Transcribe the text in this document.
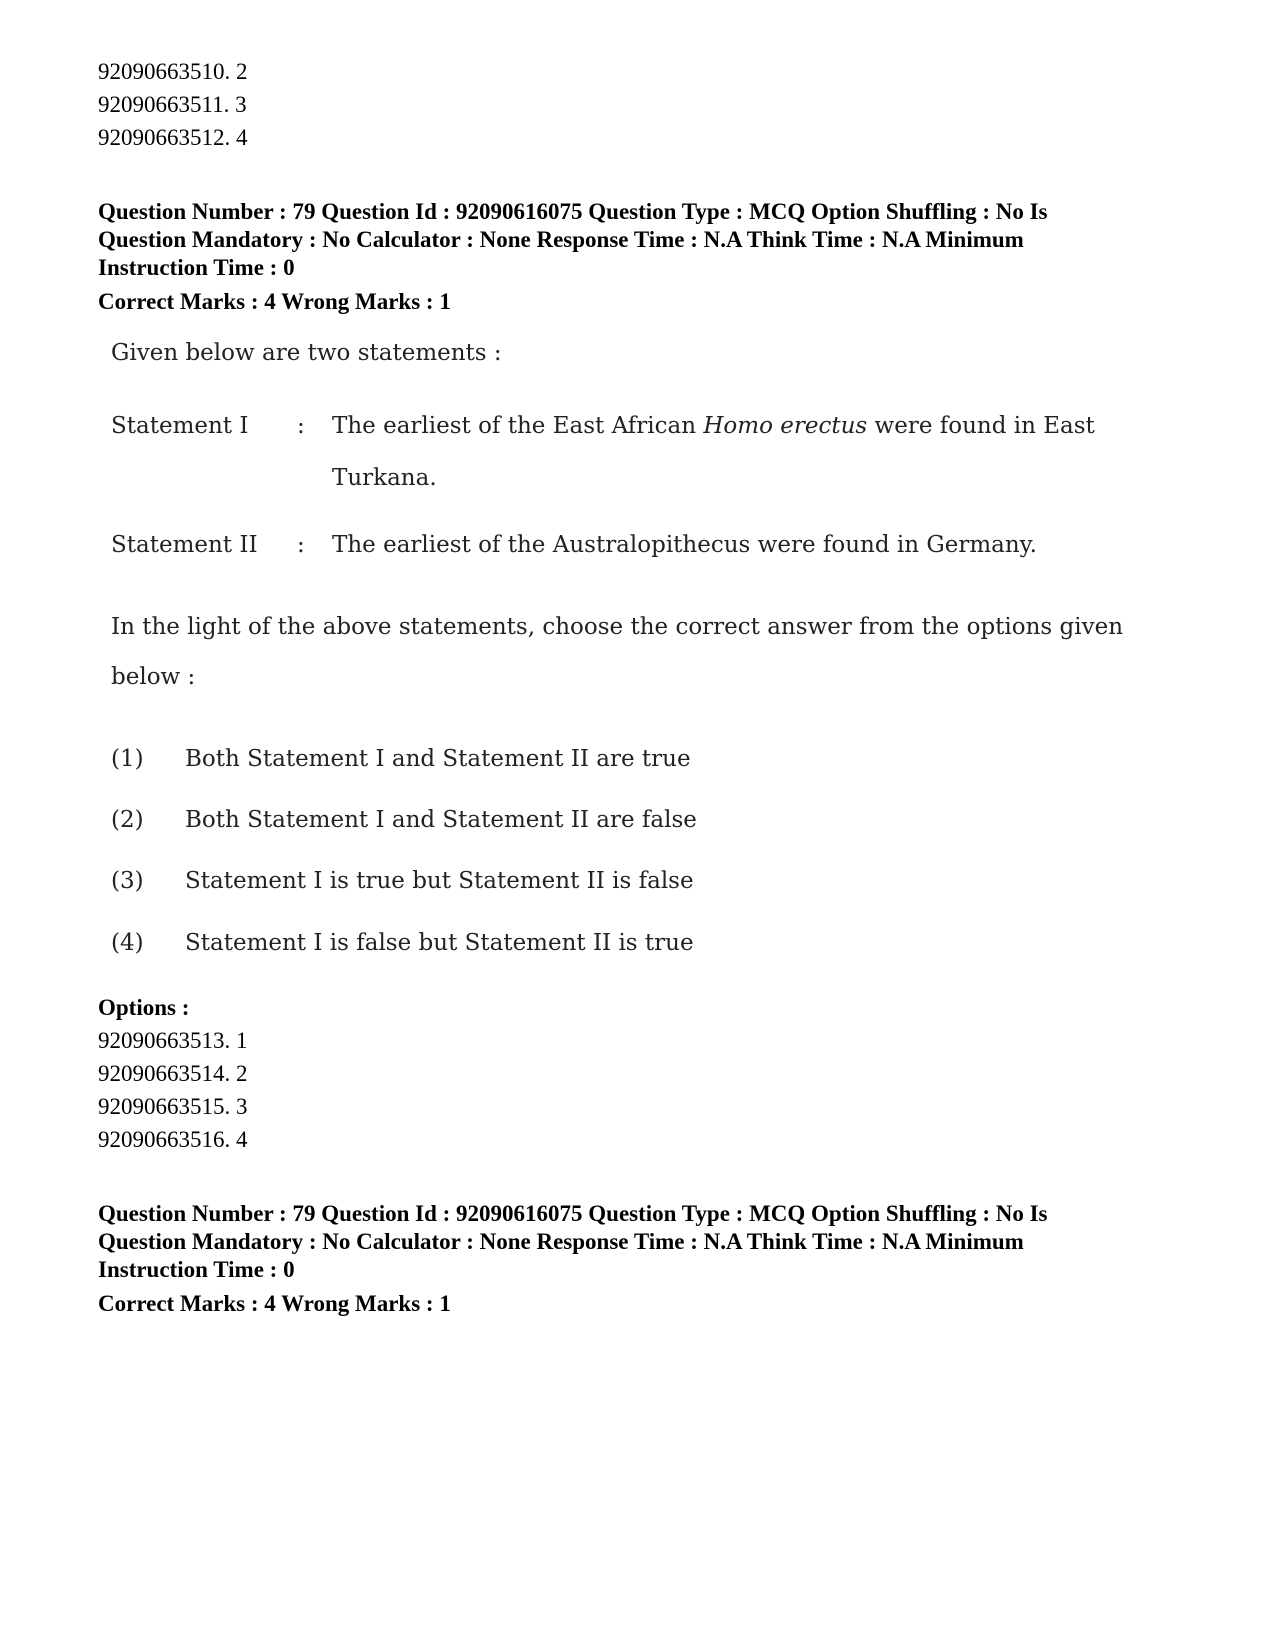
92090663510. 2
92090663511. 3
92090663512. 4
Question Number : 79 Question Id : 92090616075 Question Type : MCQ Option Shuffling : No Is
Question Mandatory : No Calculator : None Response Time : N.A Think Time : N.A Minimum
Instruction Time : 0
Correct Marks : 4 Wrong Marks : 1
Given below are two statements :
Statement I : The earliest of the East African Homo erectus were found in East
Turkana.
Statement II : The earliest of the Australopithecus were found in Germany.
In the light of the above statements, choose the correct answer from the options given
below :
(1) Both Statement I and Statement II are true
(2) Both Statement I and Statement II are false
(3) Statement I is true but Statement II is false
(4) Statement I is false but Statement II is true
Options :
92090663513. 1
92090663514. 2
92090663515. 3
92090663516. 4
Question Number : 79 Question Id : 92090616075 Question Type : MCQ Option Shuffling : No Is
Question Mandatory : No Calculator : None Response Time : N.A Think Time : N.A Minimum
Instruction Time : 0
Correct Marks : 4 Wrong Marks : 1
